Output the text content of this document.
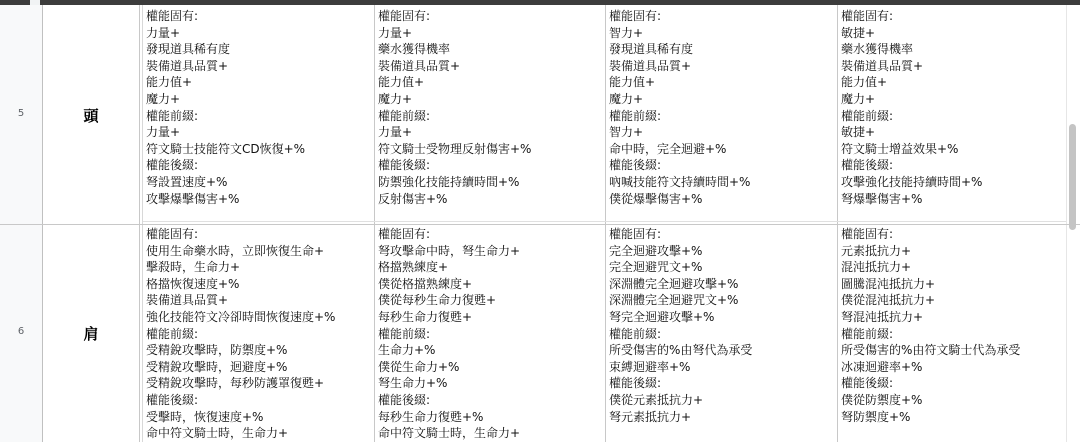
5	頭
權能固有:
力量+
發現道具稀有度
裝備道具品質+
能力值+
魔力+
權能前綴:
力量+
符文騎士技能符文CD恢復+%
權能後綴:
弩設置速度+%
攻擊爆擊傷害+%
權能固有:
力量+
藥水獲得機率
裝備道具品質+
能力值+
魔力+
權能前綴:
力量+
符文騎士受物理反射傷害+%
權能後綴:
防禦強化技能持續時間+%
反射傷害+%
權能固有:
智力+
發現道具稀有度
裝備道具品質+
能力值+
魔力+
權能前綴:
智力+
命中時，完全迴避+%
權能後綴:
吶喊技能符文持續時間+%
僕從爆擊傷害+%
權能固有:
敏捷+
藥水獲得機率
裝備道具品質+
能力值+
魔力+
權能前綴:
敏捷+
符文騎士增益效果+%
權能後綴:
攻擊強化技能持續時間+%
弩爆擊傷害+%
6	肩
權能固有:
使用生命藥水時，立即恢復生命+
擊殺時，生命力+
格擋恢復速度+%
裝備道具品質+
強化技能符文冷卻時間恢復速度+%
權能前綴:
受精銳攻擊時，防禦度+%
受精銳攻擊時，迴避度+%
受精銳攻擊時，每秒防護罩復甦+
權能後綴:
受擊時，恢復速度+%
命中符文騎士時，生命力+
權能固有:
弩攻擊命中時，弩生命力+
格擋熟練度+
僕從格擋熟練度+
僕從每秒生命力復甦+
每秒生命力復甦+
權能前綴:
生命力+%
僕從生命力+%
弩生命力+%
權能後綴:
每秒生命力復甦+%
命中符文騎士時，生命力+
權能固有:
完全迴避攻擊+%
完全迴避咒文+%
深淵體完全迴避攻擊+%
深淵體完全迴避咒文+%
弩完全迴避攻擊+%
權能前綴:
所受傷害的%由弩代為承受
束縛迴避率+%
權能後綴:
僕從元素抵抗力+
弩元素抵抗力+
權能固有:
元素抵抗力+
混沌抵抗力+
圖騰混沌抵抗力+
僕從混沌抵抗力+
弩混沌抵抗力+
權能前綴:
所受傷害的%由符文騎士代為承受
冰凍迴避率+%
權能後綴:
僕從防禦度+%
弩防禦度+%
